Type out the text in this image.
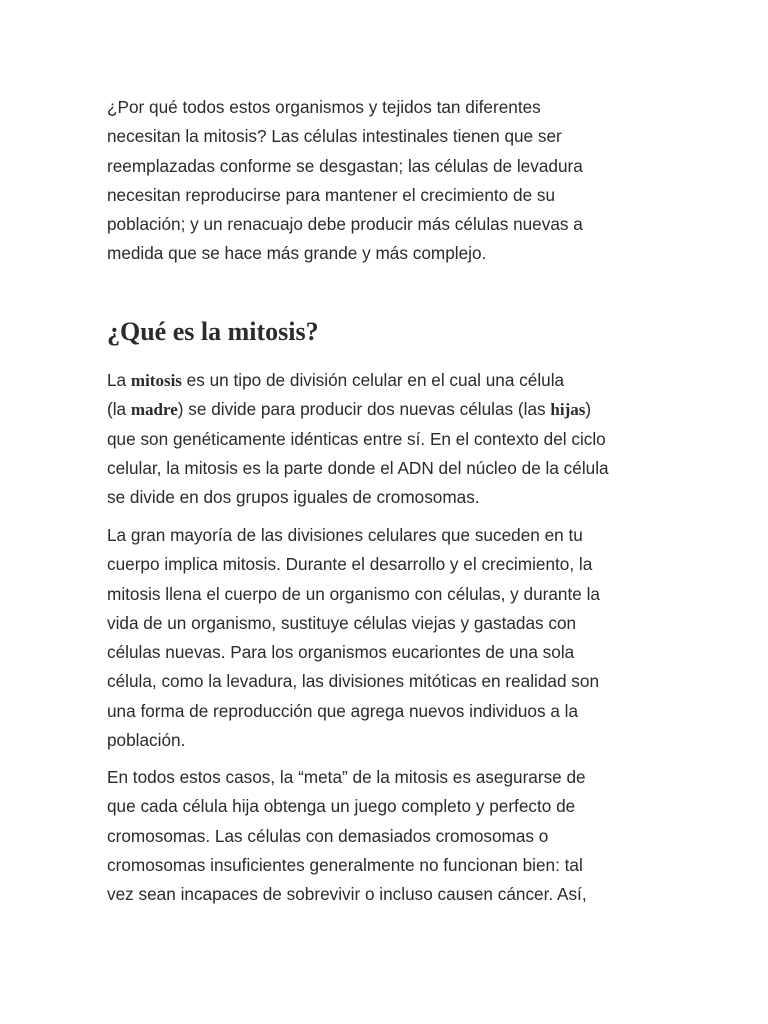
¿Por qué todos estos organismos y tejidos tan diferentes
necesitan la mitosis? Las células intestinales tienen que ser
reemplazadas conforme se desgastan; las células de levadura
necesitan reproducirse para mantener el crecimiento de su
población; y un renacuajo debe producir más células nuevas a
medida que se hace más grande y más complejo.

¿Qué es la mitosis?

La mitosis es un tipo de división celular en el cual una célula
(la madre) se divide para producir dos nuevas células (las hijas)
que son genéticamente idénticas entre sí. En el contexto del ciclo
celular, la mitosis es la parte donde el ADN del núcleo de la célula
se divide en dos grupos iguales de cromosomas.

La gran mayoría de las divisiones celulares que suceden en tu
cuerpo implica mitosis. Durante el desarrollo y el crecimiento, la
mitosis llena el cuerpo de un organismo con células, y durante la
vida de un organismo, sustituye células viejas y gastadas con
células nuevas. Para los organismos eucariontes de una sola
célula, como la levadura, las divisiones mitóticas en realidad son
una forma de reproducción que agrega nuevos individuos a la
población.

En todos estos casos, la “meta” de la mitosis es asegurarse de
que cada célula hija obtenga un juego completo y perfecto de
cromosomas. Las células con demasiados cromosomas o
cromosomas insuficientes generalmente no funcionan bien: tal
vez sean incapaces de sobrevivir o incluso causen cáncer. Así,
